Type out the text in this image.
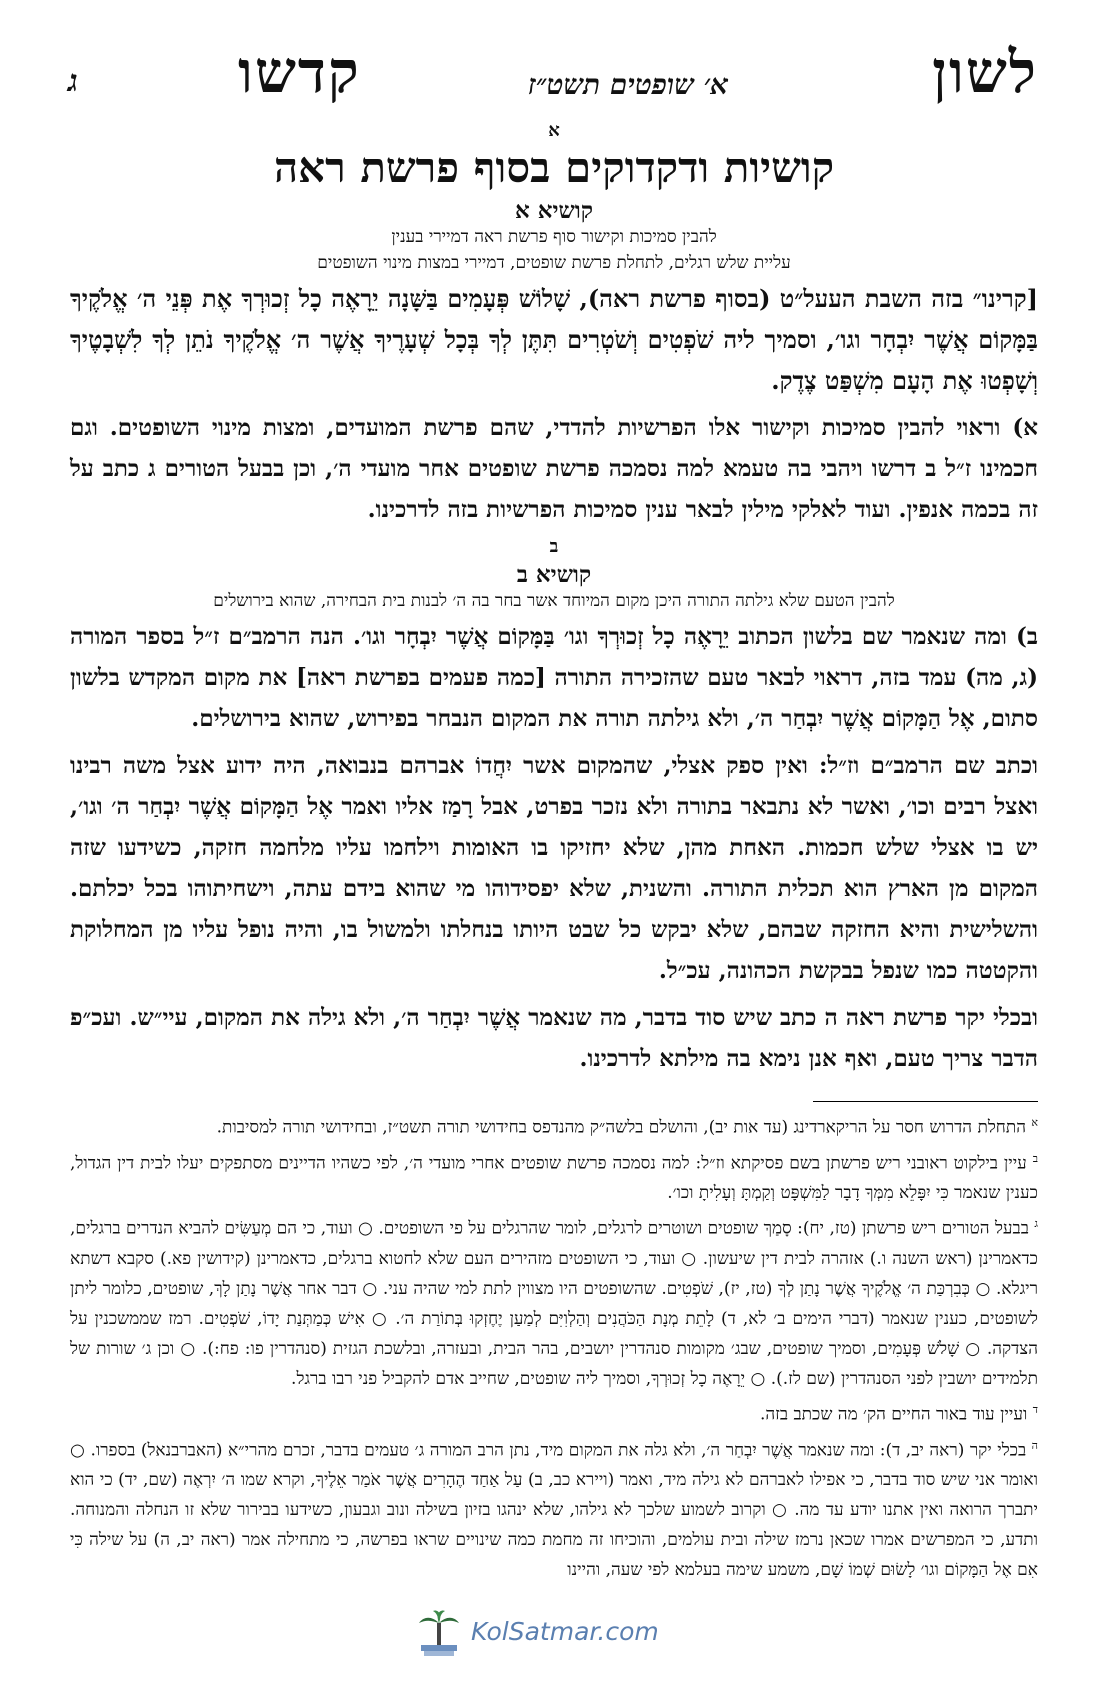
לשון
א׳ שופטים תשט״ז
קדשו
ג
א
קושיות ודקדוקים בסוף פרשת ראה
קושיא א
להבין סמיכות וקישור סוף פרשת ראה דמיירי בענין
עליית שלש רגלים, לתחלת פרשת שופטים, דמיירי במצות מינוי השופטים

[קרינו״ בזה השבת העעל״ט (בסוף פרשת ראה), שָׁלוֹשׁ פְּעָמִים בַּשָּׁנָה יֵרָאֶה כָל זְכוּרְךָ אֶת פְּנֵי ה׳ אֱלֹקֶיךָ בַּמָּקוֹם אֲשֶׁר יִבְחָר וגו׳, וסמיך ליה שֹׁפְטִים וְשֹׁטְרִים תִּתֶּן לְךָ בְּכָל שְׁעָרֶיךָ אֲשֶׁר ה׳ אֱלֹקֶיךָ נֹתֵן לְךָ לִשְׁבָטֶיךָ וְשָׁפְטוּ אֶת הָעָם מִשְׁפַּט צֶדֶק.

א) וראוי להבין סמיכות וקישור אלו הפרשיות להדדי, שהם פרשת המועדים, ומצות מינוי השופטים. וגם חכמינו ז״ל ב דרשו ויהבי בה טעמא למה נסמכה פרשת שופטים אחר מועדי ה׳, וכן בבעל הטורים ג כתב על זה בכמה אנפין. ועוד לאלקי מילין לבאר ענין סמיכות הפרשיות בזה לדרכינו.

ב
קושיא ב
להבין הטעם שלא גילתה התורה היכן מקום המיוחד אשר בחר בה ה׳ לבנות בית הבחירה, שהוא בירושלים

ב) ומה שנאמר שם בלשון הכתוב יֵרָאֶה כָל זְכוּרְךָ וגו׳ בַּמָּקוֹם אֲשֶׁר יִבְחָר וגו׳. הנה הרמב״ם ז״ל בספר המורה (ג, מה) עמד בזה, דראוי לבאר טעם שהזכירה התורה [כמה פעמים בפרשת ראה] את מקום המקדש בלשון סתום, אֶל הַמָּקוֹם אֲשֶׁר יִבְחַר ה׳, ולא גילתה תורה את המקום הנבחר בפירוש, שהוא בירושלים.

וכתב שם הרמב״ם וז״ל: ואין ספק אצלי, שהמקום אשר יִחֲדוֹ אברהם בנבואה, היה ידוע אצל משה רבינו ואצל רבים וכו׳, ואשר לא נתבאר בתורה ולא נזכר בפרט, אבל רָמַז אליו ואמר אֶל הַמָּקוֹם אֲשֶׁר יִבְחַר ה׳ וגו׳, יש בו אצלי שלש חכמות. האחת מהן, שלא יחזיקו בו האומות וילחמו עליו מלחמה חזקה, כשידעו שזה המקום מן הארץ הוא תכלית התורה. והשנית, שלא יפסידוהו מי שהוא בידם עתה, וישחיתוהו בכל יכלתם. והשלישית והיא החזקה שבהם, שלא יבקש כל שבט היותו בנחלתו ולמשול בו, והיה נופל עליו מן המחלוקת והקטטה כמו שנפל בבקשת הכהונה, עכ״ל.

ובכלי יקר פרשת ראה ה כתב שיש סוד בדבר, מה שנאמר אֲשֶׁר יִבְחַר ה׳, ולא גילה את המקום, עיי״ש. ועכ״פ הדבר צריך טעם, ואף אנן נימא בה מילתא לדרכינו.

$^א$ התחלת הדרוש חסר על הריקארדינג (עד אות יב), והושלם בלשה״ק מהנדפס בחידושי תורה תשט״ז, ובחידושי תורה למסיבות.

$^ב$ עיין בילקוט ראובני ריש פרשתן בשם פסיקתא וז״ל: למה נסמכה פרשת שופטים אחרי מועדי ה׳, לפי כשהיו הדיינים מסתפקים יעלו לבית דין הגדול, כענין שנאמר כִּי יִפָּלֵא מִמְּךָ דָבָר לַמִּשְׁפָּט וְקַמְתָּ וְעָלִיתָ וכו׳.

$^ג$ בבעל הטורים ריש פרשתן (טז, יח): סָמַךְ שופטים ושוטרים לרגלים, לומר שהרגלים על פי השופטים. ○ ועוד, כי הם מְעַשִּׂים להביא הנדרים ברגלים, כדאמרינן (ראש השנה ו.) אזהרה לבית דין שיעשון. ○ ועוד, כי השופטים מזהירים העם שלא לחטוא ברגלים, כדאמרינן (קידושין פא.) סקבא דשתא ריגלא. ○ כְּבִרְכַּת ה׳ אֱלֹקֶיךָ אֲשֶׁר נָתַן לְךָ (טז, יז), שֹׁפְטִים. שהשופטים היו מצווין לתת למי שהיה עני. ○ דבר אחר אֲשֶׁר נָתַן לָךְ, שופטים, כלומר ליתן לשופטים, כענין שנאמר (דברי הימים ב׳ לא, ד) לָתֵת מְנָת הַכֹּהֲנִים וְהַלְוִיִּם לְמַעַן יֶחֶזְקוּ בְּתוֹרַת ה׳. ○ אִישׁ כְּמַתְּנַת יָדוֹ, שֹׁפְטִים. רמז שממשכנין על הצדקה. ○ שָׁלֹשׁ פְּעָמִים, וסמיך שופטים, שבג׳ מקומות סנהדרין יושבים, בהר הבית, ובעזרה, ובלשכת הגזית (סנהדרין פו: פח:). ○ וכן ג׳ שורות של תלמידים יושבין לפני הסנהדרין (שם לז.). ○ יֵרָאֶה כָל זְכוּרְךָ, וסמיך ליה שופטים, שחייב אדם להקביל פני רבו ברגל.

$^ד$ ועיין עוד באור החיים הק׳ מה שכתב בזה.

$^ה$ בכלי יקר (ראה יב, ד): ומה שנאמר אֲשֶׁר יִבְחַר ה׳, ולא גלה את המקום מיד, נתן הרב המורה ג׳ טעמים בדבר, זכרם מהרי״א (האברבנאל) בספרו. ○ ואומר אני שיש סוד בדבר, כי אפילו לאברהם לא גילה מיד, ואמר (ויירא כב, ב) עַל אַחַד הֶהָרִים אֲשֶׁר אֹמַר אֵלֶיךָ, וקרא שמו ה׳ יִרְאֶה (שם, יד) כי הוא יתברך הרואה ואין אתנו יודע עד מה. ○ וקרוב לשמוע שלכך לא גילהו, שלא ינהגו בזיון בשילה ונוב וגבעון, כשידעו בבירור שלא זו הנחלה והמנוחה. ותדע, כי המפרשים אמרו שכאן נרמז שילה ובית עולמים, והוכיחו זה מחמת כמה שינויים שראו בפרשה, כי מתחילה אמר (ראה יב, ה) על שילה כִּי אִם אֶל הַמָּקוֹם וגו׳ לָשׂוּם שְׁמוֹ שָׁם, משמע שימה בעלמא לפי שעה, והיינו

KolSatmar.com
